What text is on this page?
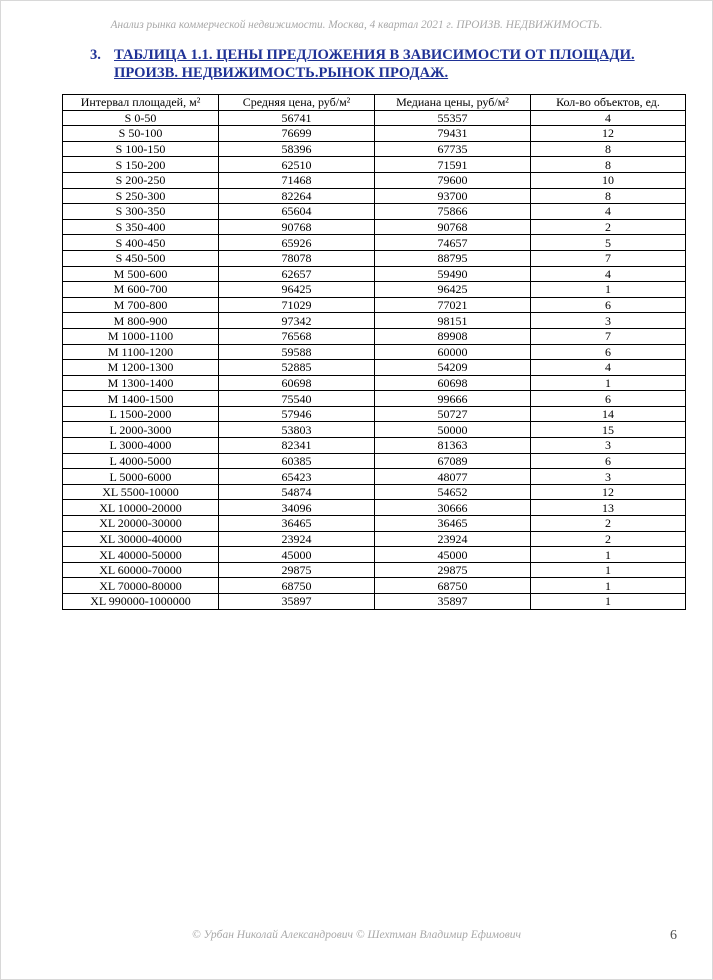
Анализ рынка коммерческой недвижимости. Москва, 4 квартал 2021 г. ПРОИЗВ. НЕДВИЖИМОСТЬ.
3. ТАБЛИЦА 1.1. ЦЕНЫ ПРЕДЛОЖЕНИЯ В ЗАВИСИМОСТИ ОТ ПЛОЩАДИ.
ПРОИЗВ. НЕДВИЖИМОСТЬ.РЫНОК ПРОДАЖ.
Интервал площадей, м²	Средняя цена, руб/м²	Медиана цены, руб/м²	Кол-во объектов, ед.
S 0-50	56741	55357	4
S 50-100	76699	79431	12
S 100-150	58396	67735	8
S 150-200	62510	71591	8
S 200-250	71468	79600	10
S 250-300	82264	93700	8
S 300-350	65604	75866	4
S 350-400	90768	90768	2
S 400-450	65926	74657	5
S 450-500	78078	88795	7
M 500-600	62657	59490	4
M 600-700	96425	96425	1
M 700-800	71029	77021	6
M 800-900	97342	98151	3
M 1000-1100	76568	89908	7
M 1100-1200	59588	60000	6
M 1200-1300	52885	54209	4
M 1300-1400	60698	60698	1
M 1400-1500	75540	99666	6
L 1500-2000	57946	50727	14
L 2000-3000	53803	50000	15
L 3000-4000	82341	81363	3
L 4000-5000	60385	67089	6
L 5000-6000	65423	48077	3
XL 5500-10000	54874	54652	12
XL 10000-20000	34096	30666	13
XL 20000-30000	36465	36465	2
XL 30000-40000	23924	23924	2
XL 40000-50000	45000	45000	1
XL 60000-70000	29875	29875	1
XL 70000-80000	68750	68750	1
XL 990000-1000000	35897	35897	1
© Урбан Николай Александрович © Шехтман Владимир Ефимович	6
